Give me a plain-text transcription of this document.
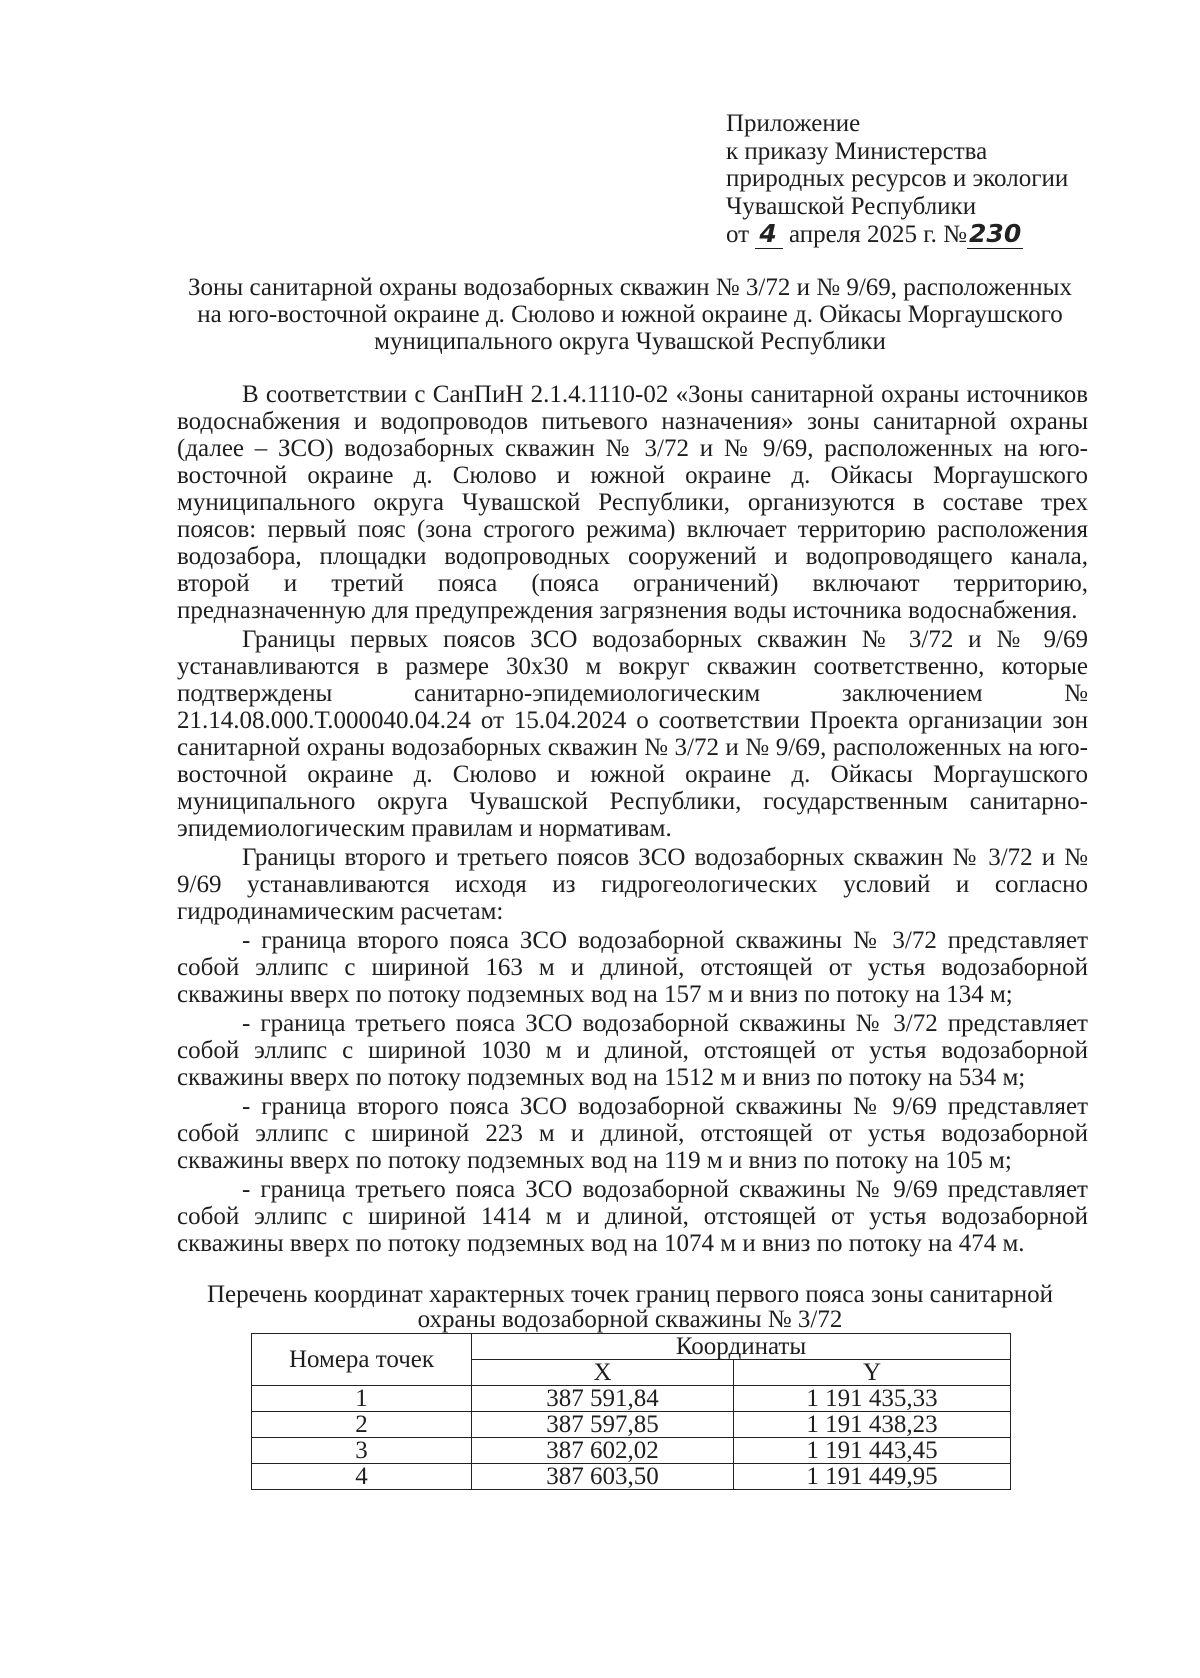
Приложение
к приказу Министерства
природных ресурсов и экологии
Чувашской Республики
от 4 апреля 2025 г. №230
Зоны санитарной охраны водозаборных скважин № 3/72 и № 9/69, расположенных
на юго-восточной окраине д. Сюлово и южной окраине д. Ойкасы Моргаушского
муниципального округа Чувашской Республики

В соответствии с СанПиН 2.1.4.1110-02 «Зоны санитарной охраны источников водоснабжения и водопроводов питьевого назначения» зоны санитарной охраны (далее – ЗСО) водозаборных скважин № 3/72 и № 9/69, расположенных на юго-восточной окраине д. Сюлово и южной окраине д. Ойкасы Моргаушского муниципального округа Чувашской Республики, организуются в составе трех поясов: первый пояс (зона строгого режима) включает территорию расположения водозабора, площадки водопроводных сооружений и водопроводящего канала, второй и третий пояса (пояса ограничений) включают территорию, предназначенную для предупреждения загрязнения воды источника водоснабжения.

Границы первых поясов ЗСО водозаборных скважин № 3/72 и № 9/69 устанавливаются в размере 30х30 м вокруг скважин соответственно, которые подтверждены санитарно-эпидемиологическим заключением № 21.14.08.000.Т.000040.04.24 от 15.04.2024 о соответствии Проекта организации зон санитарной охраны водозаборных скважин № 3/72 и № 9/69, расположенных на юго-восточной окраине д. Сюлово и южной окраине д. Ойкасы Моргаушского муниципального округа Чувашской Республики, государственным санитарно-эпидемиологическим правилам и нормативам.

Границы второго и третьего поясов ЗСО водозаборных скважин № 3/72 и № 9/69 устанавливаются исходя из гидрогеологических условий и согласно гидродинамическим расчетам:

- граница второго пояса ЗСО водозаборной скважины № 3/72 представляет собой эллипс с шириной 163 м и длиной, отстоящей от устья водозаборной скважины вверх по потоку подземных вод на 157 м и вниз по потоку на 134 м;

- граница третьего пояса ЗСО водозаборной скважины № 3/72 представляет собой эллипс с шириной 1030 м и длиной, отстоящей от устья водозаборной скважины вверх по потоку подземных вод на 1512 м и вниз по потоку на 534 м;

- граница второго пояса ЗСО водозаборной скважины № 9/69 представляет собой эллипс с шириной 223 м и длиной, отстоящей от устья водозаборной скважины вверх по потоку подземных вод на 119 м и вниз по потоку на 105 м;

- граница третьего пояса ЗСО водозаборной скважины № 9/69 представляет собой эллипс с шириной 1414 м и длиной, отстоящей от устья водозаборной скважины вверх по потоку подземных вод на 1074 м и вниз по потоку на 474 м.

Перечень координат характерных точек границ первого пояса зоны санитарной
охраны водозаборной скважины № 3/72
Номера точек	Координаты	
	X	Y
1	387 591,84	1 191 435,33
2	387 597,85	1 191 438,23
3	387 602,02	1 191 443,45
4	387 603,50	1 191 449,95
